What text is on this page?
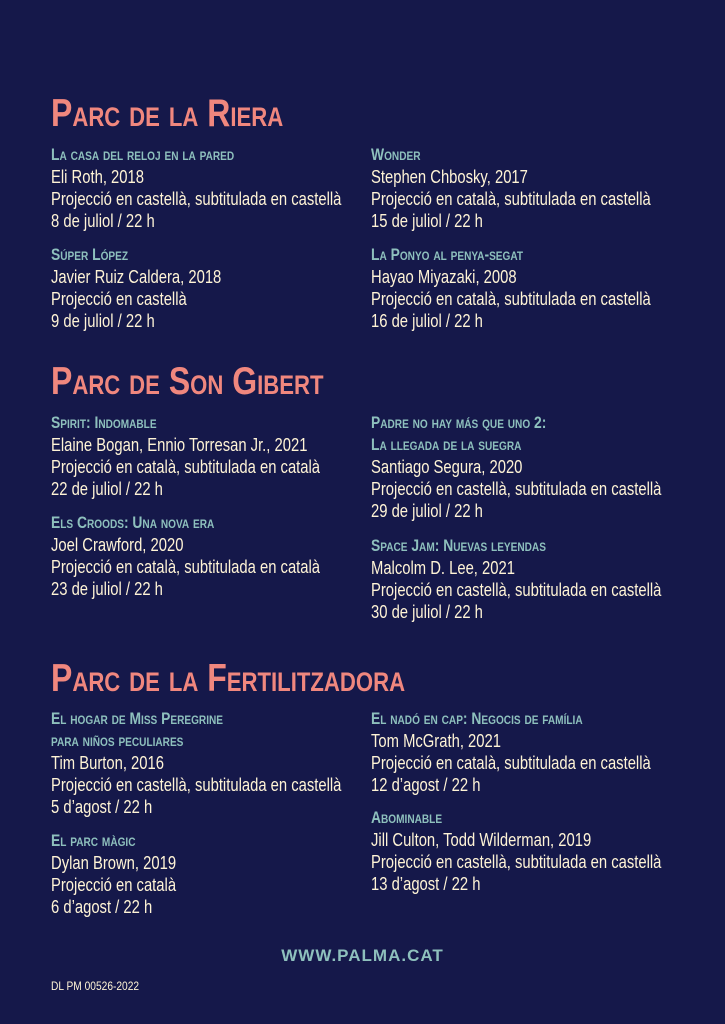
Parc de la Riera
La casa del reloj en la pared
Eli Roth, 2018
Projecció en castellà, subtitulada en castellà
8 de juliol / 22 h
Súper López
Javier Ruiz Caldera, 2018
Projecció en castellà
9 de juliol / 22 h
Wonder
Stephen Chbosky, 2017
Projecció en català, subtitulada en castellà
15 de juliol / 22 h
La Ponyo al penya-segat
Hayao Miyazaki, 2008
Projecció en català, subtitulada en castellà
16 de juliol / 22 h
Parc de Son Gibert
Spirit: Indomable
Elaine Bogan, Ennio Torresan Jr., 2021
Projecció en català, subtitulada en català
22 de juliol / 22 h
Els Croods: Una nova era
Joel Crawford, 2020
Projecció en català, subtitulada en català
23 de juliol / 22 h
Padre no hay más que uno 2:
La llegada de la suegra
Santiago Segura, 2020
Projecció en castellà, subtitulada en castellà
29 de juliol / 22 h
Space Jam: Nuevas leyendas
Malcolm D. Lee, 2021
Projecció en castellà, subtitulada en castellà
30 de juliol / 22 h
Parc de la Fertilitzadora
El hogar de Miss Peregrine
para niños peculiares
Tim Burton, 2016
Projecció en castellà, subtitulada en castellà
5 d’agost / 22 h
El parc màgic
Dylan Brown, 2019
Projecció en català
6 d’agost / 22 h
El nadó en cap: Negocis de família
Tom McGrath, 2021
Projecció en català, subtitulada en castellà
12 d’agost / 22 h
Abominable
Jill Culton, Todd Wilderman, 2019
Projecció en castellà, subtitulada en castellà
13 d’agost / 22 h
WWW.PALMA.CAT
DL PM 00526-2022
